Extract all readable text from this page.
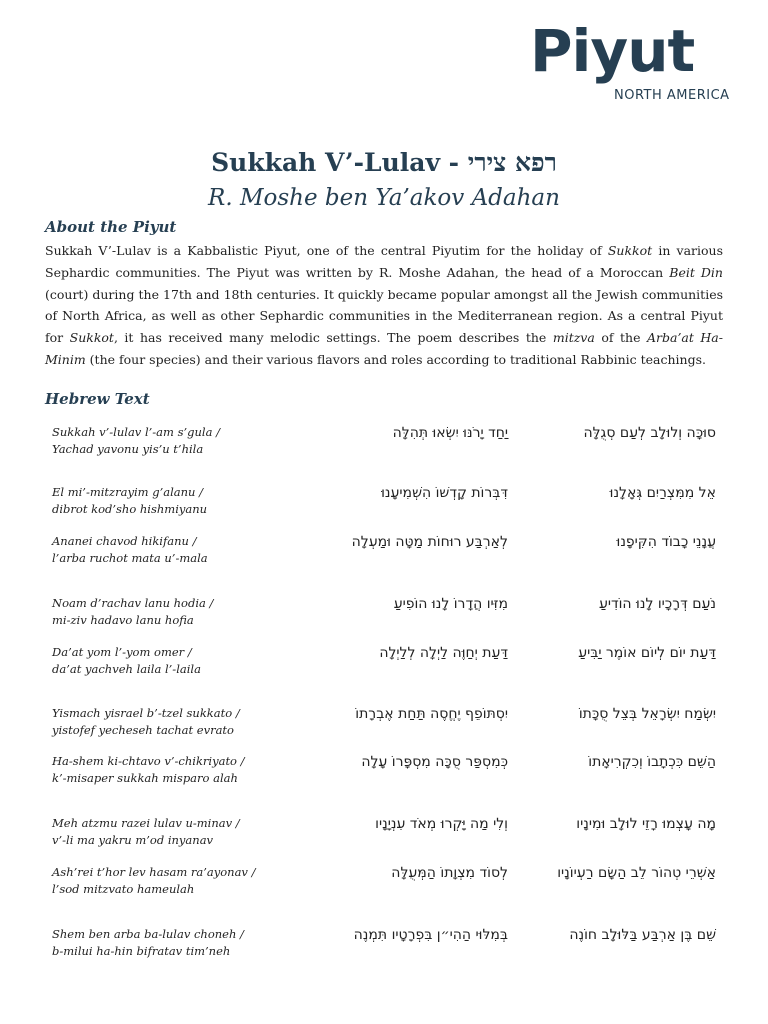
Piyut
NORTH AMERICA
Sukkah V’-Lulav - רפא צירי
R. Moshe ben Ya’akov Adahan
About the Piyut

Sukkah V’-Lulav is a Kabbalistic Piyut, one of the central Piyutim for the holiday of Sukkot in various Sephardic communities. The Piyut was written by R. Moshe Adahan, the head of a Moroccan Beit Din (court) during the 17th and 18th centuries. It quickly became popular amongst all the Jewish communities of North Africa, as well as other Sephardic communities in the Mediterranean region. As a central Piyut for Sukkot, it has received many melodic settings. The poem describes the mitzva of the Arba’at Ha-Minim (the four species) and their various flavors and roles according to traditional Rabbinic teachings.

Hebrew Text
Sukkah v’-lulav l’-am s’gula /
Yachad yavonu yis’u t’hila
יַחַד יָרֹנּוּ יִשְׂאוּ תְּהִלָּה	סוּכָּה וְלוּלָב לְעַם סְגֻלָּה
El mi’-mitzrayim g’alanu /
dibrot kod’sho hishmiyanu
דִּבְּרוֹת קָדְשׁוֹ הִשְׁמִיעָנוּ	אֵל מִמִּצְרַיִם גְּאָלָנוּ
Ananei chavod hikifanu /
l’arba ruchot mata u’-mala
לְאַרְבַּע רוּחוֹת מַטָּה וּמַעְלָה	עֲנָנֵי כָבוֹד הִקִּיפָנוּ
Noam d’rachav lanu hodia /
mi-ziv hadavo lanu hofia
מִזִּיו הֲדָרוֹ לָנוּ הוֹפִיעַ	נֹעַם דְּרָכָיו לָנוּ הוֹדִיעַ
Da’at yom l’-yom omer /
da’at yachveh laila l’-laila
דַּעַת יְחַוֶּה לַיְלָה לְלַיְלָה	דַּעַת יוֹם לְיוֹם אוֹמֶר יַבִּיעַ
Yismach yisrael b’-tzel sukkato /
yistofef yecheseh tachat evrato
יִסְתּוֹפֵף יֶחֱסֶה תַּחַת אֶבְרָתוֹ	יִשְׂמַח יִשְׂרָאֵל בְּצֵל סֻכָּתוֹ
Ha-shem ki-chtavo v’-chikriyato /
k’-misaper sukkah misparo alah
כְּמִסְפַּר סֻכָּה מִסְפָּרוֹ עָלָה	הַשֵּׁם כִּכְתָבוֹ וְכִקְרִיאָתוֹ
Meh atzmu razei lulav u-minav /
v’-li ma yakru m’od inyanav
וְלִי מַה יָּקְרוּ מְאֹד עִנְיָנָיו	מָה עָצְמוּ רָזֵי לוּלָב וּמִינָיו
Ash’rei t’hor lev hasam ra’ayonav /
l’sod mitzvato hameulah
לְסוֹד מִצְוָתוֹ הַמְּעֻלָּה	אַשְׁרֵי טְהוֹר לֵב הַשָּׂם רַעְיוֹנָיו
Shem ben arba ba-lulav choneh /
b-milui ha-hin bifratav tim’neh
בְּמִלּוּי הַהִי״ן בִּפְרָטָיו תִּמְנֶה	שֵׁם בֶּן אַרְבַּע בַּלּוּלָב חוֹנֶה
